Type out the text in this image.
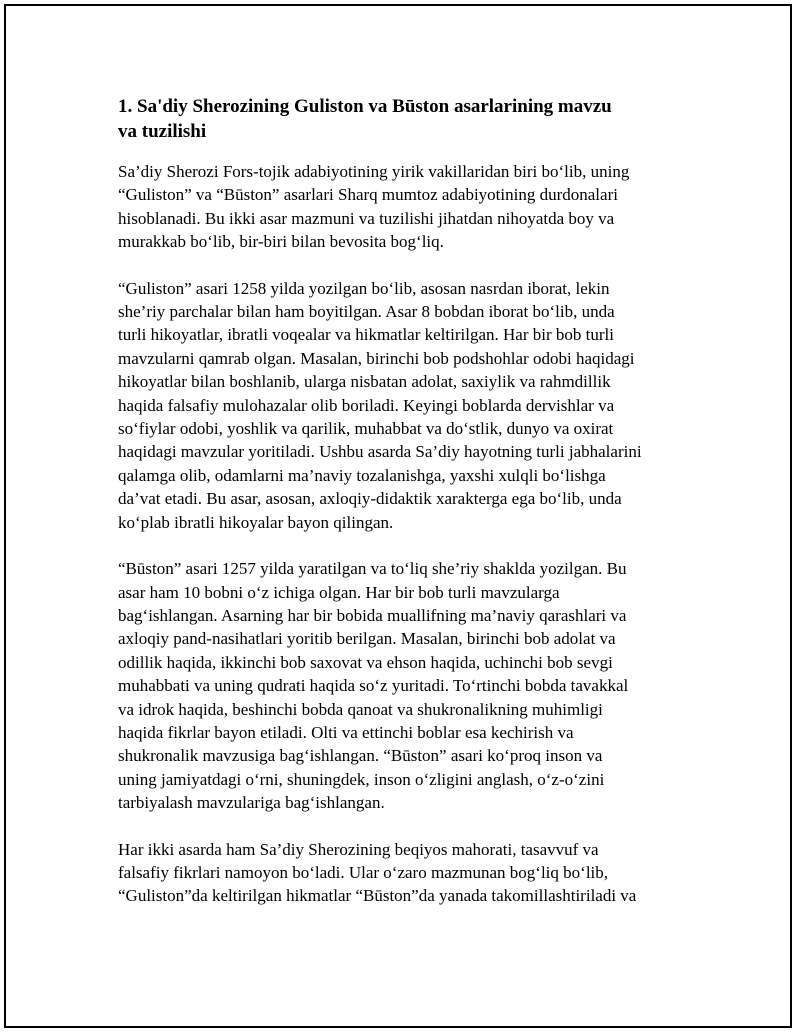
1. Sa'diy Sherozining Guliston va Būston asarlarining mavzu
va tuzilishi
Sa’diy Sherozi Fors-tojik adabiyotining yirik vakillaridan biri bo‘lib, uning
“Guliston” va “Būston” asarlari Sharq mumtoz adabiyotining durdonalari
hisoblanadi. Bu ikki asar mazmuni va tuzilishi jihatdan nihoyatda boy va
murakkab bo‘lib, bir-biri bilan bevosita bog‘liq.
“Guliston” asari 1258 yilda yozilgan bo‘lib, asosan nasrdan iborat, lekin
she’riy parchalar bilan ham boyitilgan. Asar 8 bobdan iborat bo‘lib, unda
turli hikoyatlar, ibratli voqealar va hikmatlar keltirilgan. Har bir bob turli
mavzularni qamrab olgan. Masalan, birinchi bob podshohlar odobi haqidagi
hikoyatlar bilan boshlanib, ularga nisbatan adolat, saxiylik va rahmdillik
haqida falsafiy mulohazalar olib boriladi. Keyingi boblarda dervishlar va
so‘fiylar odobi, yoshlik va qarilik, muhabbat va do‘stlik, dunyo va oxirat
haqidagi mavzular yoritiladi. Ushbu asarda Sa’diy hayotning turli jabhalarini
qalamga olib, odamlarni ma’naviy tozalanishga, yaxshi xulqli bo‘lishga
da’vat etadi. Bu asar, asosan, axloqiy-didaktik xarakterga ega bo‘lib, unda
ko‘plab ibratli hikoyalar bayon qilingan.
“Būston” asari 1257 yilda yaratilgan va to‘liq she’riy shaklda yozilgan. Bu
asar ham 10 bobni o‘z ichiga olgan. Har bir bob turli mavzularga
bag‘ishlangan. Asarning har bir bobida muallifning ma’naviy qarashlari va
axloqiy pand-nasihatlari yoritib berilgan. Masalan, birinchi bob adolat va
odillik haqida, ikkinchi bob saxovat va ehson haqida, uchinchi bob sevgi
muhabbati va uning qudrati haqida so‘z yuritadi. To‘rtinchi bobda tavakkal
va idrok haqida, beshinchi bobda qanoat va shukronalikning muhimligi
haqida fikrlar bayon etiladi. Olti va ettinchi boblar esa kechirish va
shukronalik mavzusiga bag‘ishlangan. “Būston” asari ko‘proq inson va
uning jamiyatdagi o‘rni, shuningdek, inson o‘zligini anglash, o‘z-o‘zini
tarbiyalash mavzulariga bag‘ishlangan.
Har ikki asarda ham Sa’diy Sherozining beqiyos mahorati, tasavvuf va
falsafiy fikrlari namoyon bo‘ladi. Ular o‘zaro mazmunan bog‘liq bo‘lib,
“Guliston”da keltirilgan hikmatlar “Būston”da yanada takomillashtiriladi va
